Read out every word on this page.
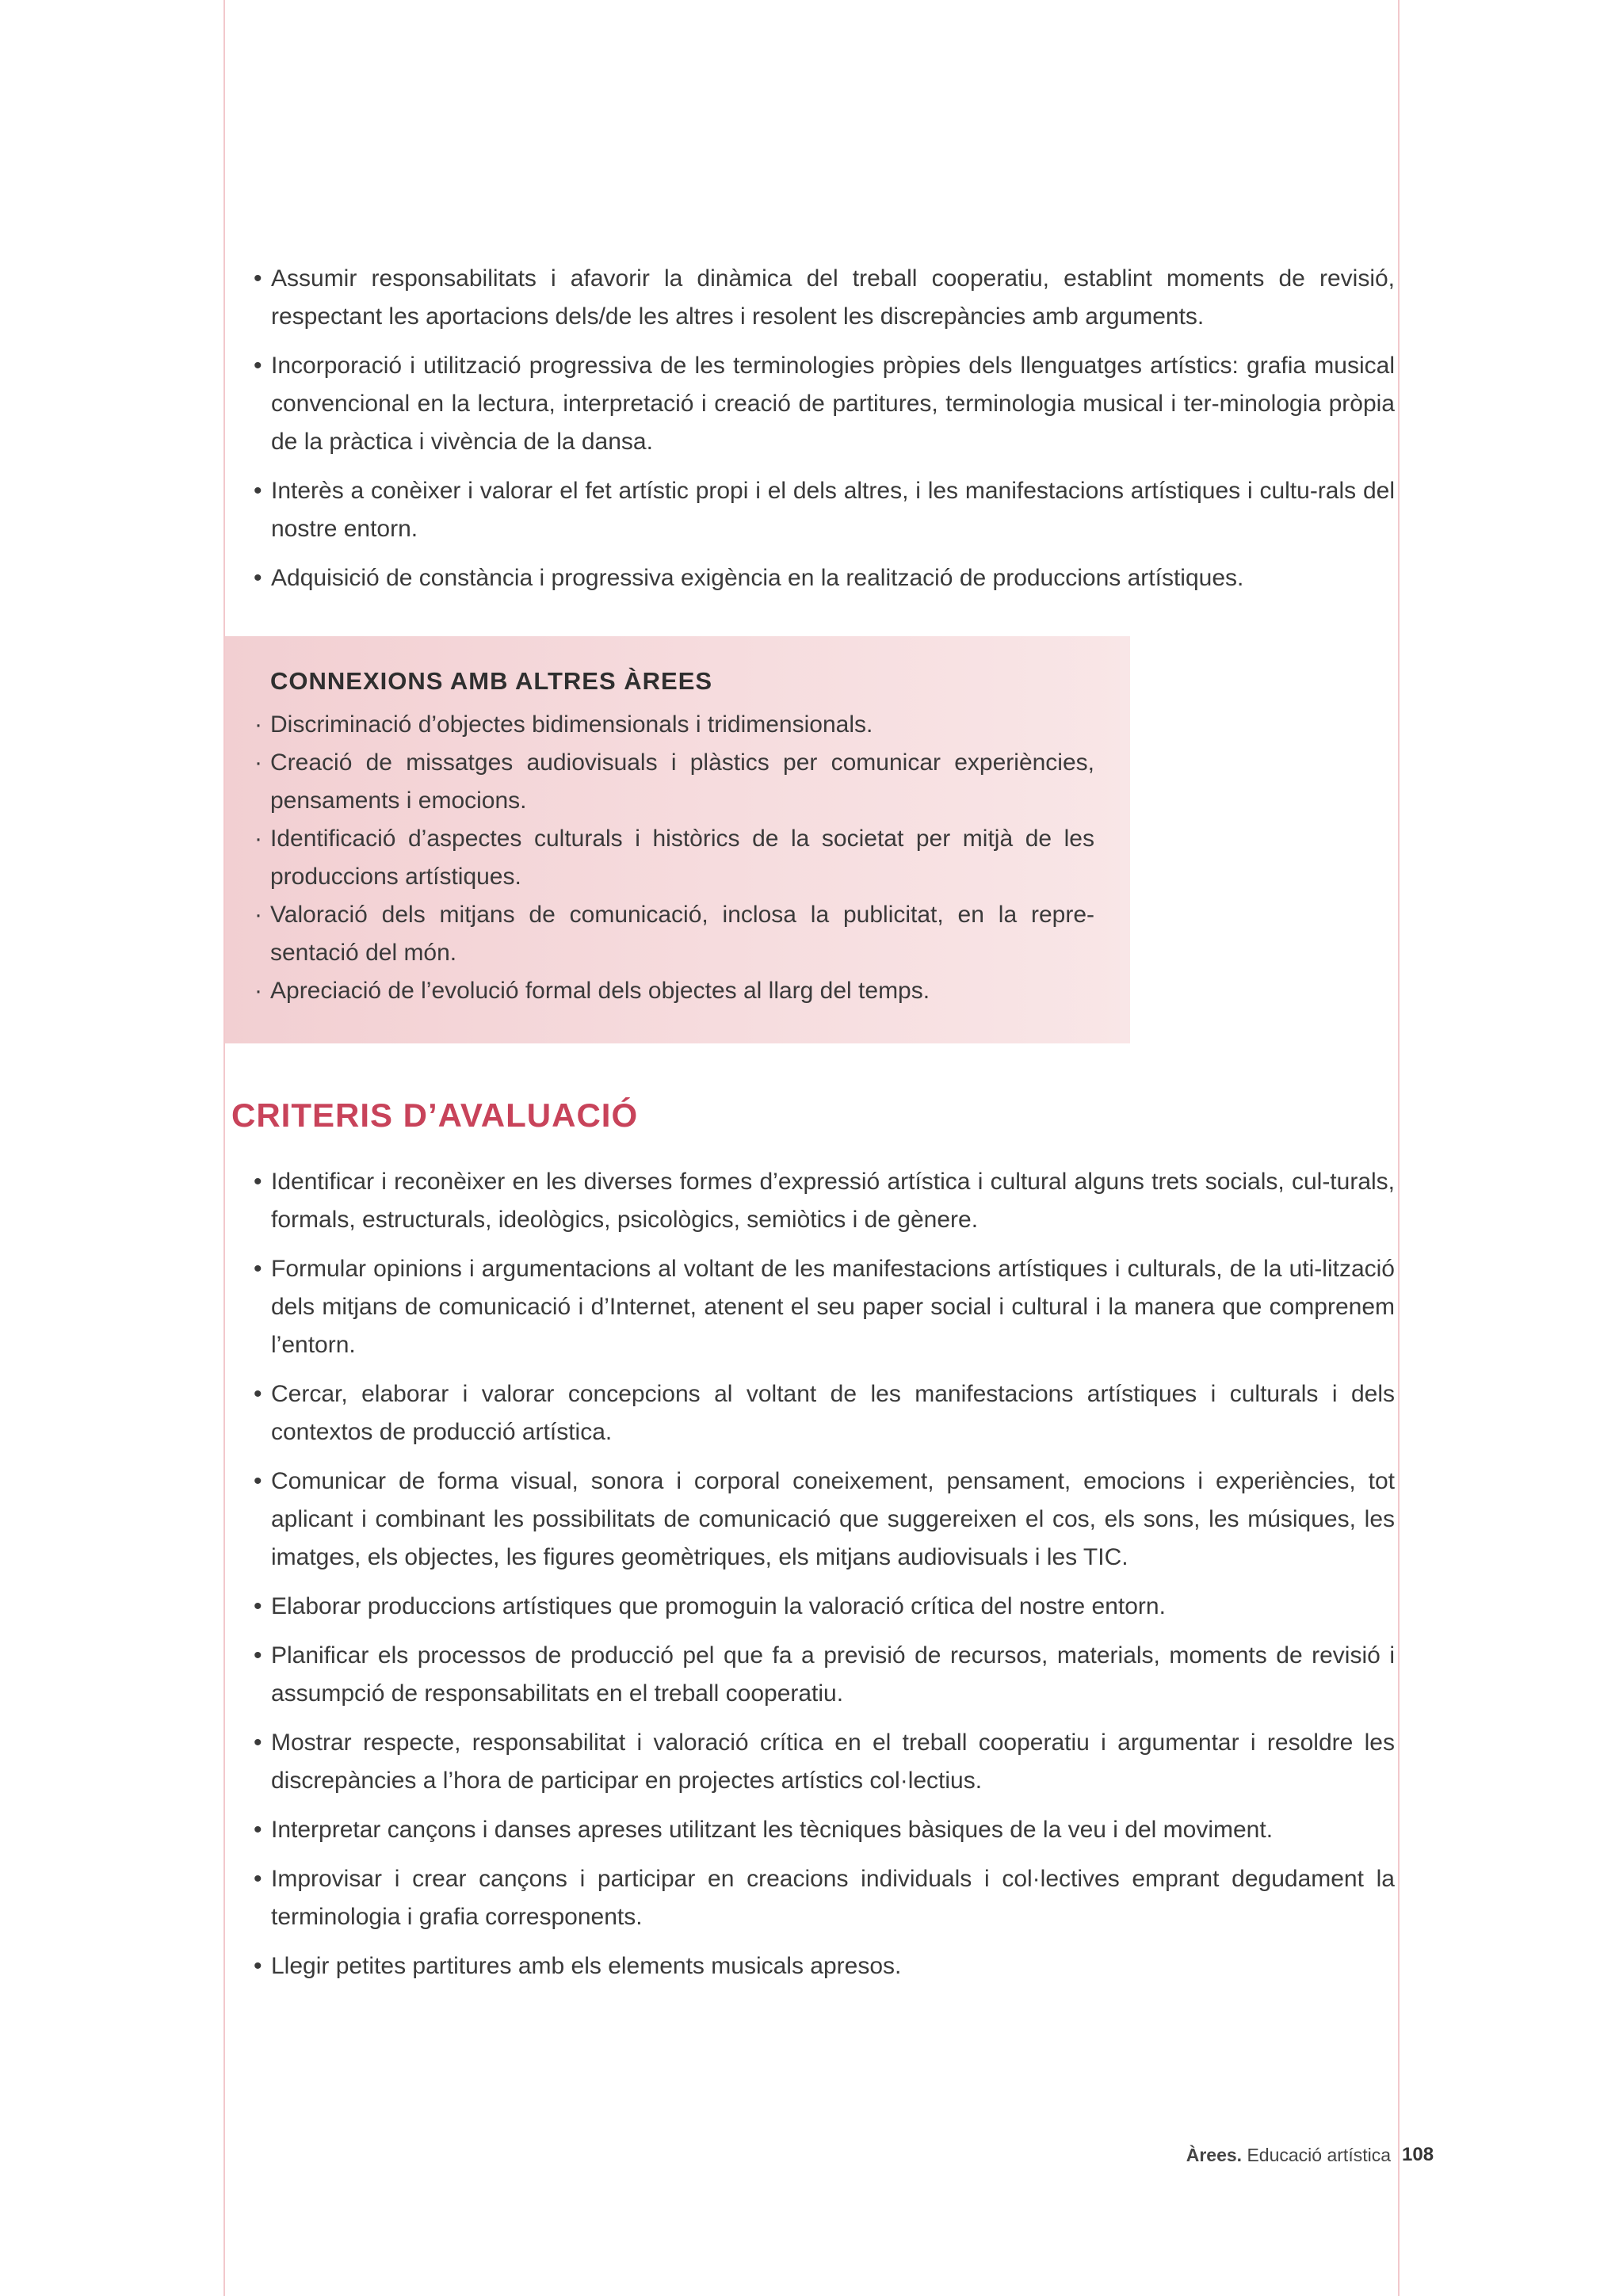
• Assumir responsabilitats i afavorir la dinàmica del treball cooperatiu, establint moments de revisió, respectant les aportacions dels/de les altres i resolent les discrepàncies amb arguments.
• Incorporació i utilització progressiva de les terminologies pròpies dels llenguatges artístics: grafia musical convencional en la lectura, interpretació i creació de partitures, terminologia musical i ter-minologia pròpia de la pràctica i vivència de la dansa.
• Interès a conèixer i valorar el fet artístic propi i el dels altres, i les manifestacions artístiques i cultu-rals del nostre entorn.
• Adquisició de constància i progressiva exigència en la realització de produccions artístiques.
CONNEXIONS AMB ALTRES ÀREES
· Discriminació d’objectes bidimensionals i tridimensionals.
· Creació de missatges audiovisuals i plàstics per comunicar experiències, pensaments i emocions.
· Identificació d’aspectes culturals i històrics de la societat per mitjà de les produccions artístiques.
· Valoració dels mitjans de comunicació, inclosa la publicitat, en la repre-sentació del món.
· Apreciació de l’evolució formal dels objectes al llarg del temps.
CRITERIS D’AVALUACIÓ
• Identificar i reconèixer en les diverses formes d’expressió artística i cultural alguns trets socials, cul-turals, formals, estructurals, ideològics, psicològics, semiòtics i de gènere.
• Formular opinions i argumentacions al voltant de les manifestacions artístiques i culturals, de la uti-lització dels mitjans de comunicació i d’Internet, atenent el seu paper social i cultural i la manera que comprenem l’entorn.
• Cercar, elaborar i valorar concepcions al voltant de les manifestacions artístiques i culturals i dels contextos de producció artística.
• Comunicar de forma visual, sonora i corporal coneixement, pensament, emocions i experiències, tot aplicant i combinant les possibilitats de comunicació que suggereixen el cos, els sons, les músiques, les imatges, els objectes, les figures geomètriques, els mitjans audiovisuals i les TIC.
• Elaborar produccions artístiques que promoguin la valoració crítica del nostre entorn.
• Planificar els processos de producció pel que fa a previsió de recursos, materials, moments de revisió i assumpció de responsabilitats en el treball cooperatiu.
• Mostrar respecte, responsabilitat i valoració crítica en el treball cooperatiu i argumentar i resoldre les discrepàncies a l’hora de participar en projectes artístics col·lectius.
• Interpretar cançons i danses apreses utilitzant les tècniques bàsiques de la veu i del moviment.
• Improvisar i crear cançons i participar en creacions individuals i col·lectives emprant degudament la terminologia i grafia corresponents.
• Llegir petites partitures amb els elements musicals apresos.
Àrees. Educació artística 108
